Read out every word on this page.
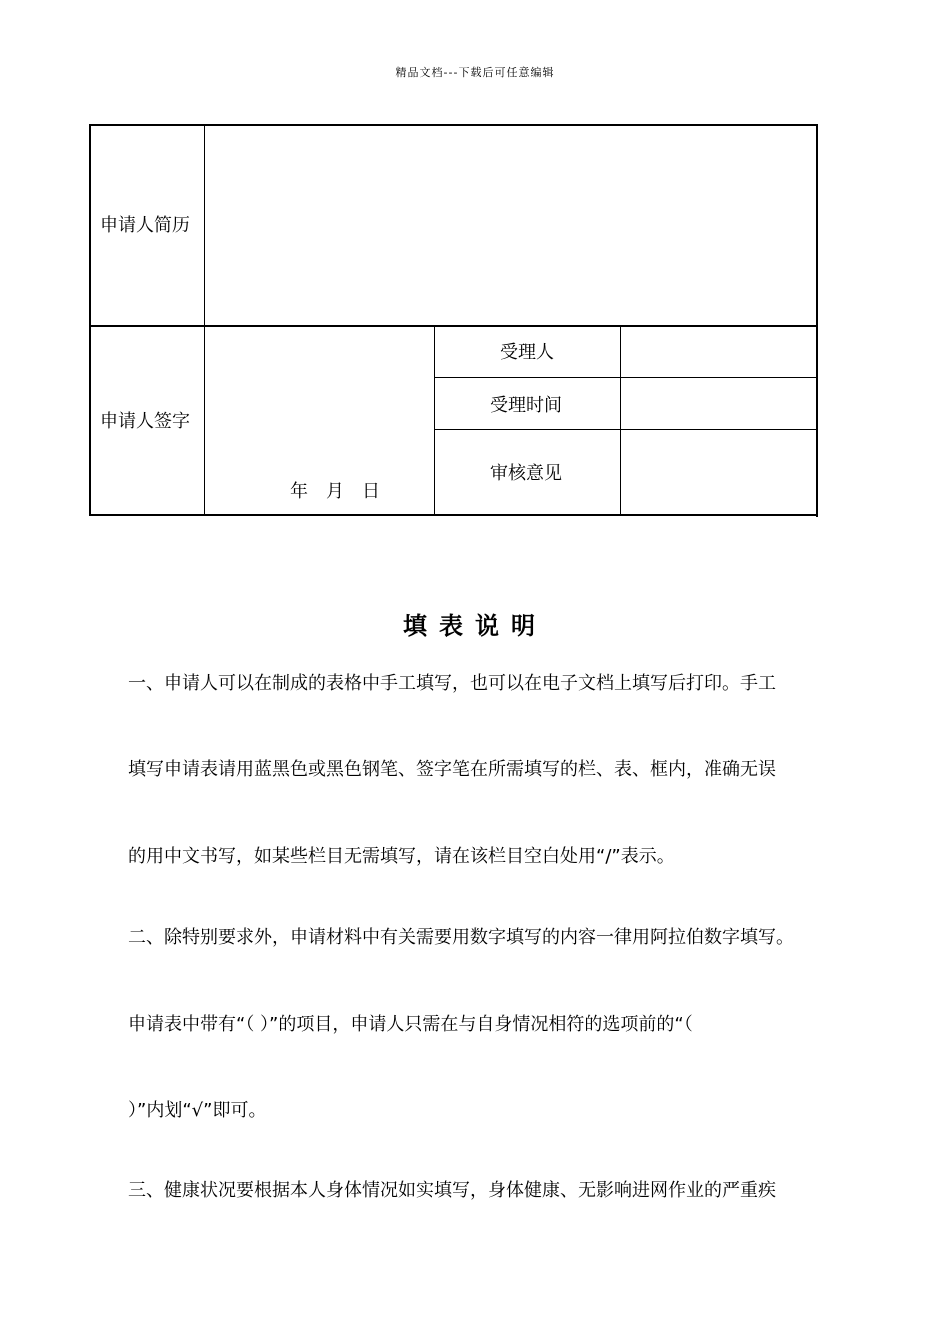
精品文档---下载后可任意编辑
申请人简历
申请人签字
年　月　日
受理人
受理时间
审核意见
填表说明
一、申请人可以在制成的表格中手工填写，也可以在电子文档上填写后打印。手工
填写申请表请用蓝黑色或黑色钢笔、签字笔在所需填写的栏、表、框内，准确无误
的用中文书写，如某些栏目无需填写，请在该栏目空白处用“/”表示。
二、除特别要求外，申请材料中有关需要用数字填写的内容一律用阿拉伯数字填写。
申请表中带有“（ ）”的项目，申请人只需在与自身情况相符的选项前的“（
）”内划“√”即可。
三、健康状况要根据本人身体情况如实填写，身体健康、无影响进网作业的严重疾
